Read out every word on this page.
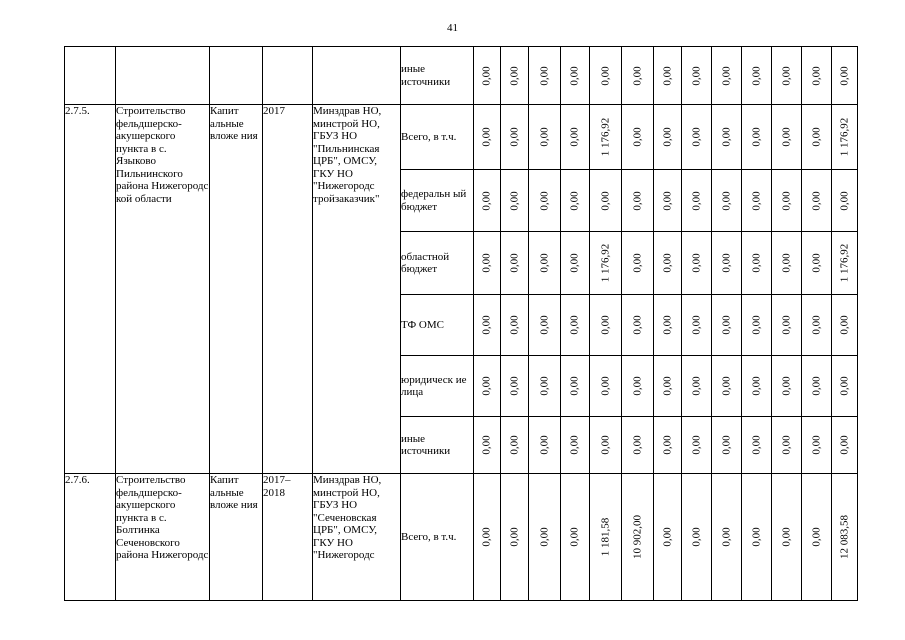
41
					иные источники	0,00	0,00	0,00	0,00	0,00	0,00	0,00	0,00	0,00	0,00	0,00	0,00	0,00

2.7.5.	Строительство фельдшерско-акушерского пункта в с. Языково Пильнинского района Нижегородс кой области	Капит альные вложе ния	2017	Минздрав НО, минстрой НО, ГБУЗ НО "Пильнинская ЦРБ", ОМСУ, ГКУ НО "Нижегородс тройзаказчик"	Всего, в т.ч.	0,00	0,00	0,00	0,00	1 176,92	0,00	0,00	0,00	0,00	0,00	0,00	0,00	1 176,92

					федеральн ый бюджет	0,00	0,00	0,00	0,00	0,00	0,00	0,00	0,00	0,00	0,00	0,00	0,00	0,00

					областной бюджет	0,00	0,00	0,00	0,00	1 176,92	0,00	0,00	0,00	0,00	0,00	0,00	0,00	1 176,92

					ТФ ОМС	0,00	0,00	0,00	0,00	0,00	0,00	0,00	0,00	0,00	0,00	0,00	0,00	0,00

					юридическ ие лица	0,00	0,00	0,00	0,00	0,00	0,00	0,00	0,00	0,00	0,00	0,00	0,00	0,00

					иные источники	0,00	0,00	0,00	0,00	0,00	0,00	0,00	0,00	0,00	0,00	0,00	0,00	0,00

2.7.6.	Строительство фельдшерско-акушерского пункта в с. Болтинка Сеченовского района Нижегородс	Капит альные вложе ния	2017–2018	Минздрав НО, минстрой НО, ГБУЗ НО "Сеченовская ЦРБ", ОМСУ, ГКУ НО "Нижегородс	Всего, в т.ч.	0,00	0,00	0,00	0,00	1 181,58	10 902,00	0,00	0,00	0,00	0,00	0,00	0,00	12 083,58
